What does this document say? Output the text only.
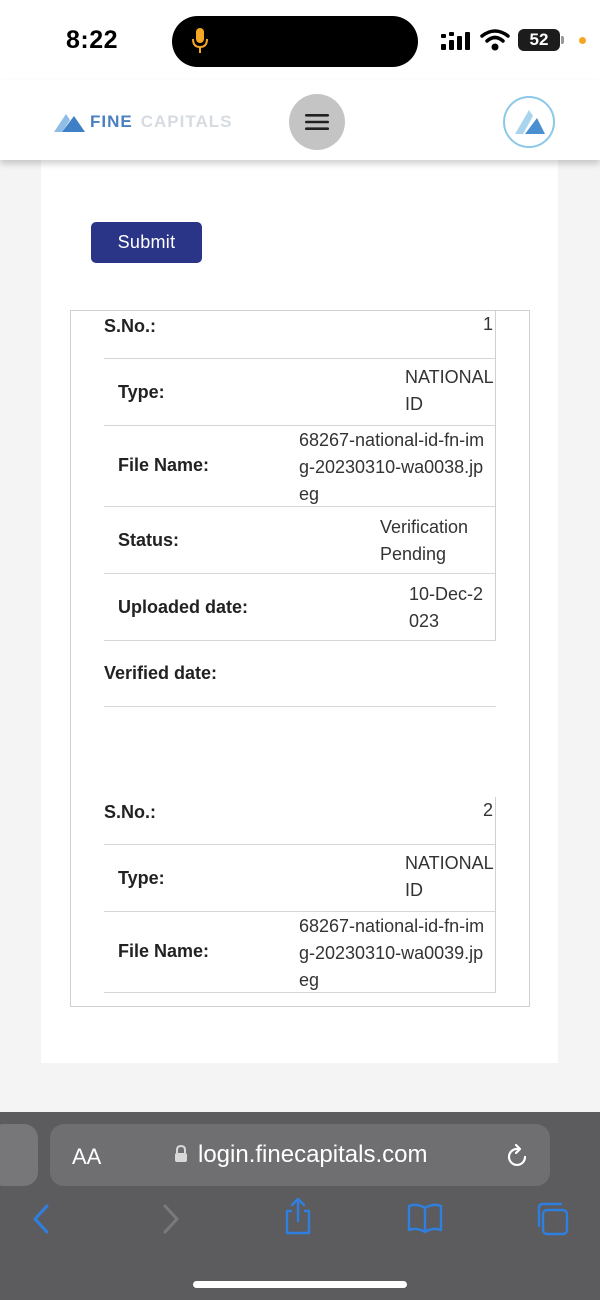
8:22	52
FINE CAPITALS
Submit
S.No.:	1
Type:
NATIONAL ID
File Name:
68267-national-id-fn-img-20230310-wa0038.jpeg
Status:
Verification Pending
Uploaded date:
10-Dec-2023
Verified date:
S.No.:	2
Type:
NATIONAL ID
File Name:
68267-national-id-fn-img-20230310-wa0039.jpeg
AA	login.finecapitals.com
